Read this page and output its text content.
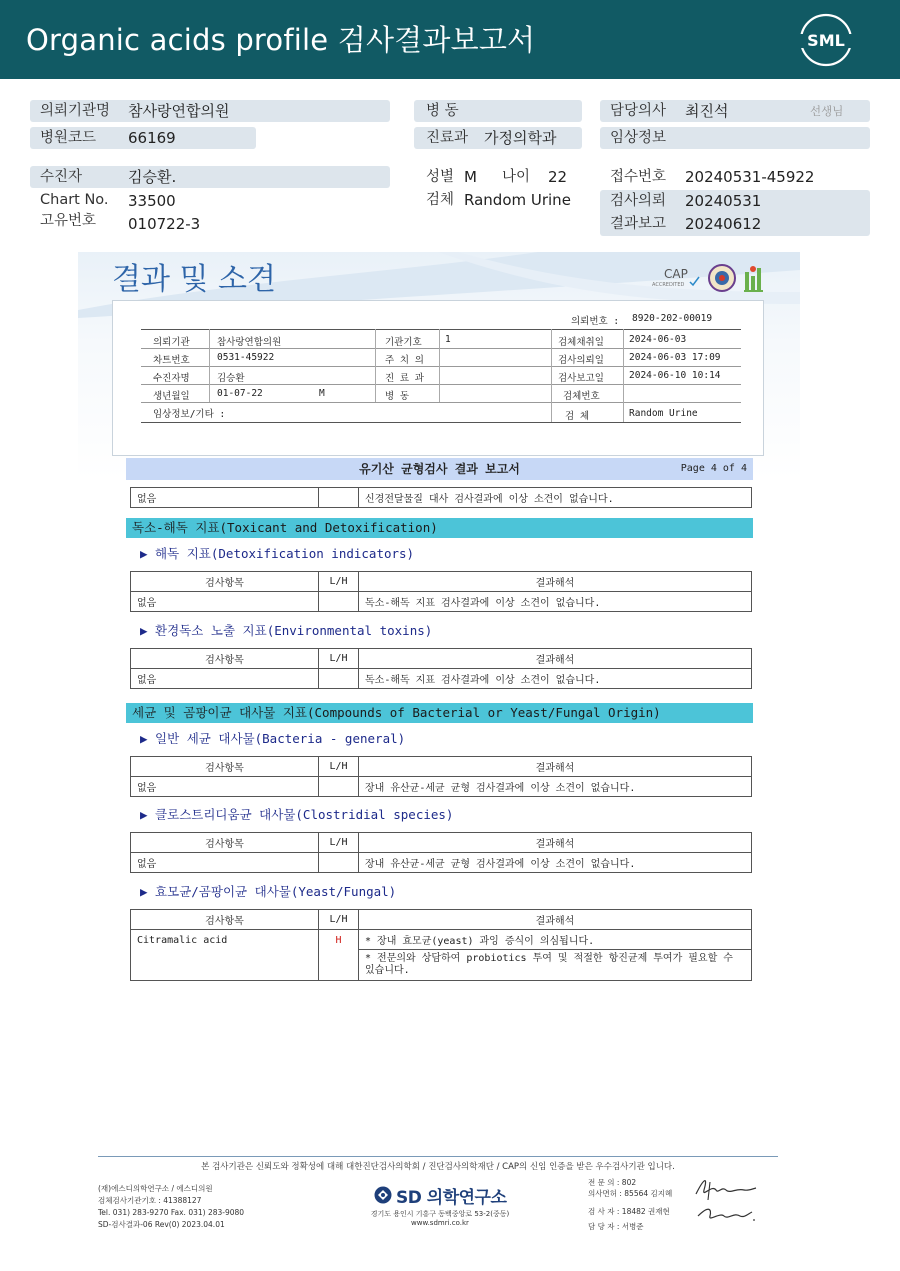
Organic acids profile 검사결과보고서	SML
의뢰기관명 참사랑연합의원	병 동	담당의사 최진석	선생님
병원코드 66169	진료과 가정의학과	임상정보
수진자	김승환.	성별 M 나이 22	접수번호 20240531-45922
Chart No. 33500	검체 Random Urine	검사의뢰 20240531
고유번호 010722-3	결과보고 20240612
결과 및 소견	CAP
ACCREDITED
의뢰번호 : 8920-202-00019
의뢰기관	참사랑연합의원	기관기호 1	검체채취일	2024-06-03
차트번호	0531-45922	주 치 의	검사의뢰일	2024-06-03 17:09
수진자명	김승환	진 료 과	검사보고일	2024-06-10 10:14
생년월일	01-07-22	M	병 동	검체번호
임상정보/기타 :	검 체	Random Urine
유기산 균형검사 결과 보고서	Page 4 of 4
없음		신경전달물질 대사 검사결과에 이상 소견이 없습니다.
독소-해독 지표(Toxicant and Detoxification)
▶ 해독 지표(Detoxification indicators)
검사항목	L/H	결과해석
없음		독소-해독 지표 검사결과에 이상 소견이 없습니다.
▶ 환경독소 노출 지표(Environmental toxins)
검사항목	L/H	결과해석
없음		독소-해독 지표 검사결과에 이상 소견이 없습니다.
세균 및 곰팡이균 대사물 지표(Compounds of Bacterial or Yeast/Fungal Origin)
▶ 일반 세균 대사물(Bacteria - general)
검사항목	L/H	결과해석
없음		장내 유산균-세균 균형 검사결과에 이상 소견이 없습니다.
▶ 클로스트리디움균 대사물(Clostridial species)
검사항목	L/H	결과해석
없음		장내 유산균-세균 균형 검사결과에 이상 소견이 없습니다.
▶ 효모균/곰팡이균 대사물(Yeast/Fungal)
검사항목	L/H	결과해석
Citramalic acid	H	* 장내 효모균(yeast) 과잉 증식이 의심됩니다.
		* 전문의와 상담하여 probiotics 투여 및 적절한 항진균제 투여가 필요할 수 있습니다.
본 검사기관은 신뢰도와 정확성에 대해 대한진단검사의학회 / 진단검사의학재단 / CAP의 신임 인증을 받은 우수검사기관 입니다.
(재)에스디의학연구소 / 에스디의원
검체검사기관기호 : 41388127
Tel. 031) 283-9270 Fax. 031) 283-9080
SD-검사결과-06 Rev(0) 2023.04.01
SD 의학연구소
경기도 용인시 기흥구 동백중앙로 53-2(중동)
www.sdmri.co.kr
전 문 의 : 802
의사면허 : 85564 김지혜
검 사 자 : 18482 권재현
담 당 자 : 서병준
